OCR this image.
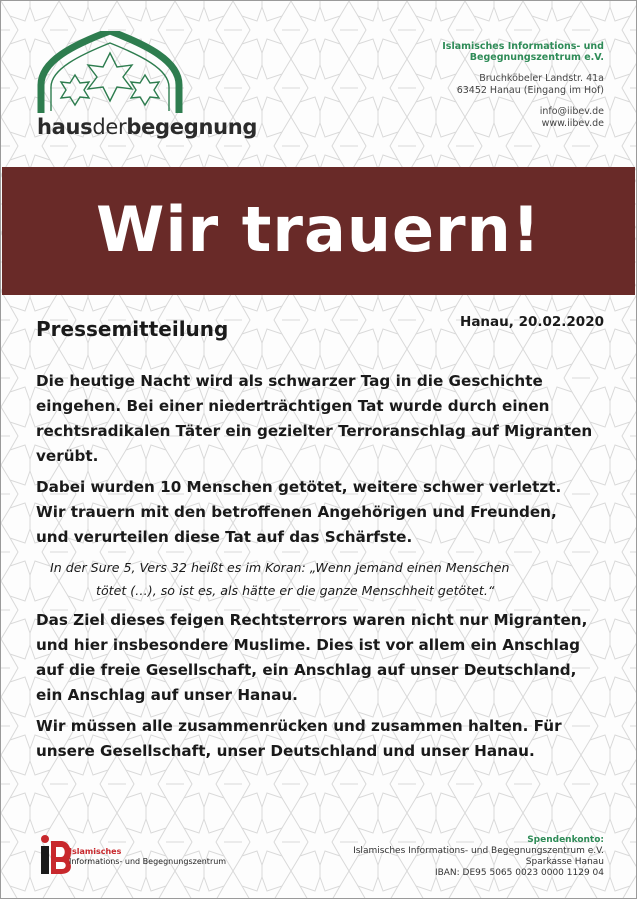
hausderbegegnung
Islamisches Informations- und
Begegnungszentrum e.V.
Bruchköbeler Landstr. 41a
63452 Hanau (Eingang im Hof)
info@iibev.de
www.iibev.de
Wir trauern!
Pressemitteilung	Hanau, 20.02.2020

Die heutige Nacht wird als schwarzer Tag in die Geschichte
eingehen. Bei einer niederträchtigen Tat wurde durch einen
rechtsradikalen Täter ein gezielter Terroranschlag auf Migranten
verübt.

Dabei wurden 10 Menschen getötet, weitere schwer verletzt.
Wir trauern mit den betroffenen Angehörigen und Freunden,
und verurteilen diese Tat auf das Schärfste.

In der Sure 5, Vers 32 heißt es im Koran: „Wenn jemand einen Menschen
tötet (…), so ist es, als hätte er die ganze Menschheit getötet.“

Das Ziel dieses feigen Rechtsterrors waren nicht nur Migranten,
und hier insbesondere Muslime. Dies ist vor allem ein Anschlag
auf die freie Gesellschaft, ein Anschlag auf unser Deutschland,
ein Anschlag auf unser Hanau.

Wir müssen alle zusammenrücken und zusammen halten. Für
unsere Gesellschaft, unser Deutschland und unser Hanau.

Islamisches
Informations- und Begegnungszentrum
Spendenkonto:
Islamisches Informations- und Begegnungszentrum e.V.
Sparkasse Hanau
IBAN: DE95 5065 0023 0000 1129 04
